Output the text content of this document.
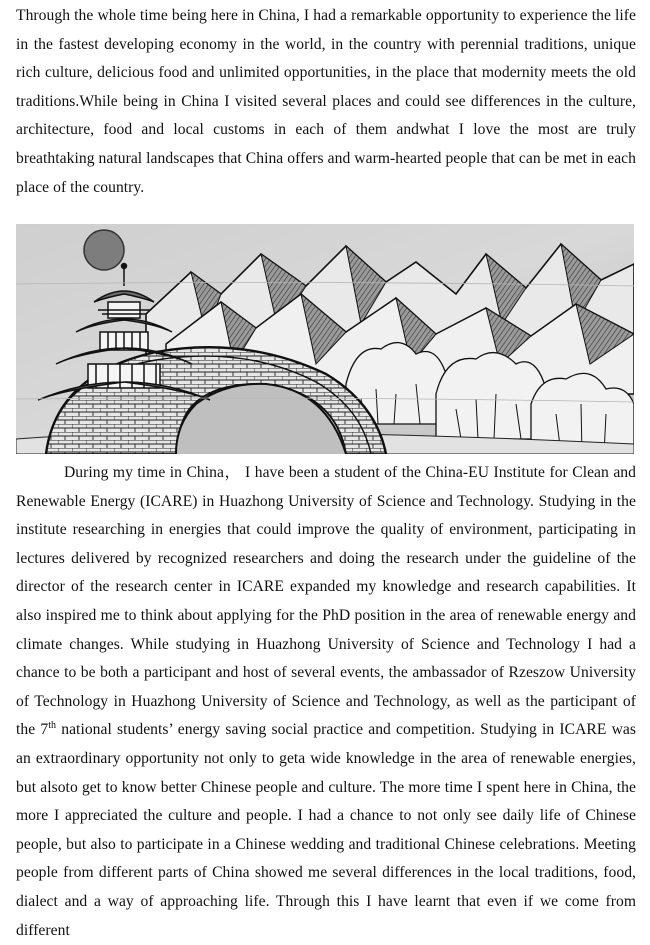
Through the whole time being here in China, I had a remarkable opportunity to experience the life in the fastest developing economy in the world, in the country with perennial traditions, unique rich culture, delicious food and unlimited opportunities, in the place that modernity meets the old traditions.While being in China I visited several places and could see differences in the culture, architecture, food and local customs in each of them andwhat I love the most are truly breathtaking natural landscapes that China offers and warm-hearted people that can be met in each place of the country.

During my time in China， I have been a student of the China-EU Institute for Clean and Renewable Energy (ICARE) in Huazhong University of Science and Technology. Studying in the institute researching in energies that could improve the quality of environment, participating in lectures delivered by recognized researchers and doing the research under the guideline of the director of the research center in ICARE expanded my knowledge and research capabilities. It also inspired me to think about applying for the PhD position in the area of renewable energy and climate changes. While studying in Huazhong University of Science and Technology I had a chance to be both a participant and host of several events, the ambassador of Rzeszow University of Technology in Huazhong University of Science and Technology, as well as the participant of the 7th national students’ energy saving social practice and competition. Studying in ICARE was an extraordinary opportunity not only to geta wide knowledge in the area of renewable energies, but alsoto get to know better Chinese people and culture. The more time I spent here in China, the more I appreciated the culture and people. I had a chance to not only see daily life of Chinese people, but also to participate in a Chinese wedding and traditional Chinese celebrations. Meeting people from different parts of China showed me several differences in the local traditions, food, dialect and a way of approaching life. Through this I have learnt that even if we come from different
